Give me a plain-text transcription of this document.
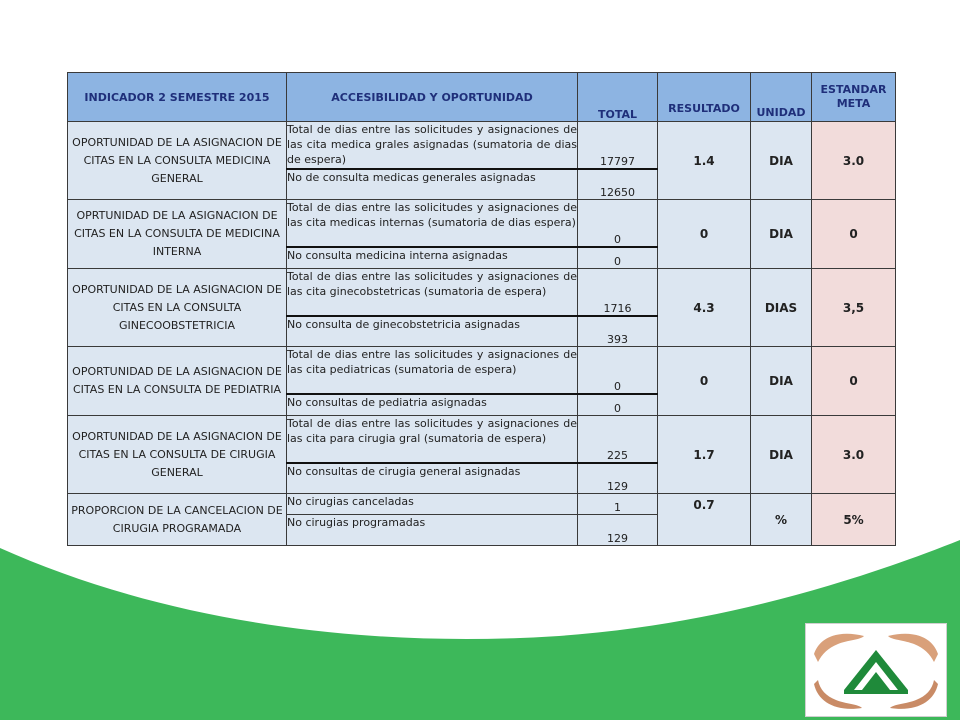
INDICADOR 2 SEMESTRE 2015	ACCESIBILIDAD Y OPORTUNIDAD	TOTAL	RESULTADO	UNIDAD	ESTANDAR
META

OPORTUNIDAD DE LA ASIGNACION DE CITAS EN LA CONSULTA MEDICINA GENERAL	Total de dias entre las solicitudes y asignaciones de las cita medica grales asignadas (sumatoria de dias de espera)	17797	1.4	DIA	3.0
	No de consulta medicas generales asignadas	12650			
OPRTUNIDAD DE LA ASIGNACION DE CITAS EN LA CONSULTA DE MEDICINA INTERNA	Total de dias entre las solicitudes y asignaciones de las cita medicas internas (sumatoria de dias espera)	0	0	DIA	0
	No consulta medicina interna asignadas	0			
OPORTUNIDAD DE LA ASIGNACION DE CITAS EN LA CONSULTA GINECOOBSTETRICIA	Total de dias entre las solicitudes y asignaciones de las cita ginecobstetricas (sumatoria de espera)	1716	4.3	DIAS	3,5
	No consulta de ginecobstetricia asignadas	393			
OPORTUNIDAD DE LA ASIGNACION DE CITAS EN LA CONSULTA DE PEDIATRIA	Total de dias entre las solicitudes y asignaciones de las cita pediatricas (sumatoria de espera)	0	0	DIA	0
	No consultas de pediatria asignadas	0			
OPORTUNIDAD DE LA ASIGNACION DE CITAS EN LA CONSULTA DE CIRUGIA GENERAL	Total de dias entre las solicitudes y asignaciones de las cita para cirugia gral (sumatoria de espera)	225	1.7	DIA	3.0
	No consultas de cirugia general asignadas	129			
PROPORCION DE LA CANCELACION DE CIRUGIA PROGRAMADA	No cirugias canceladas	1	0.7	%	5%
	No cirugias programadas	129			
